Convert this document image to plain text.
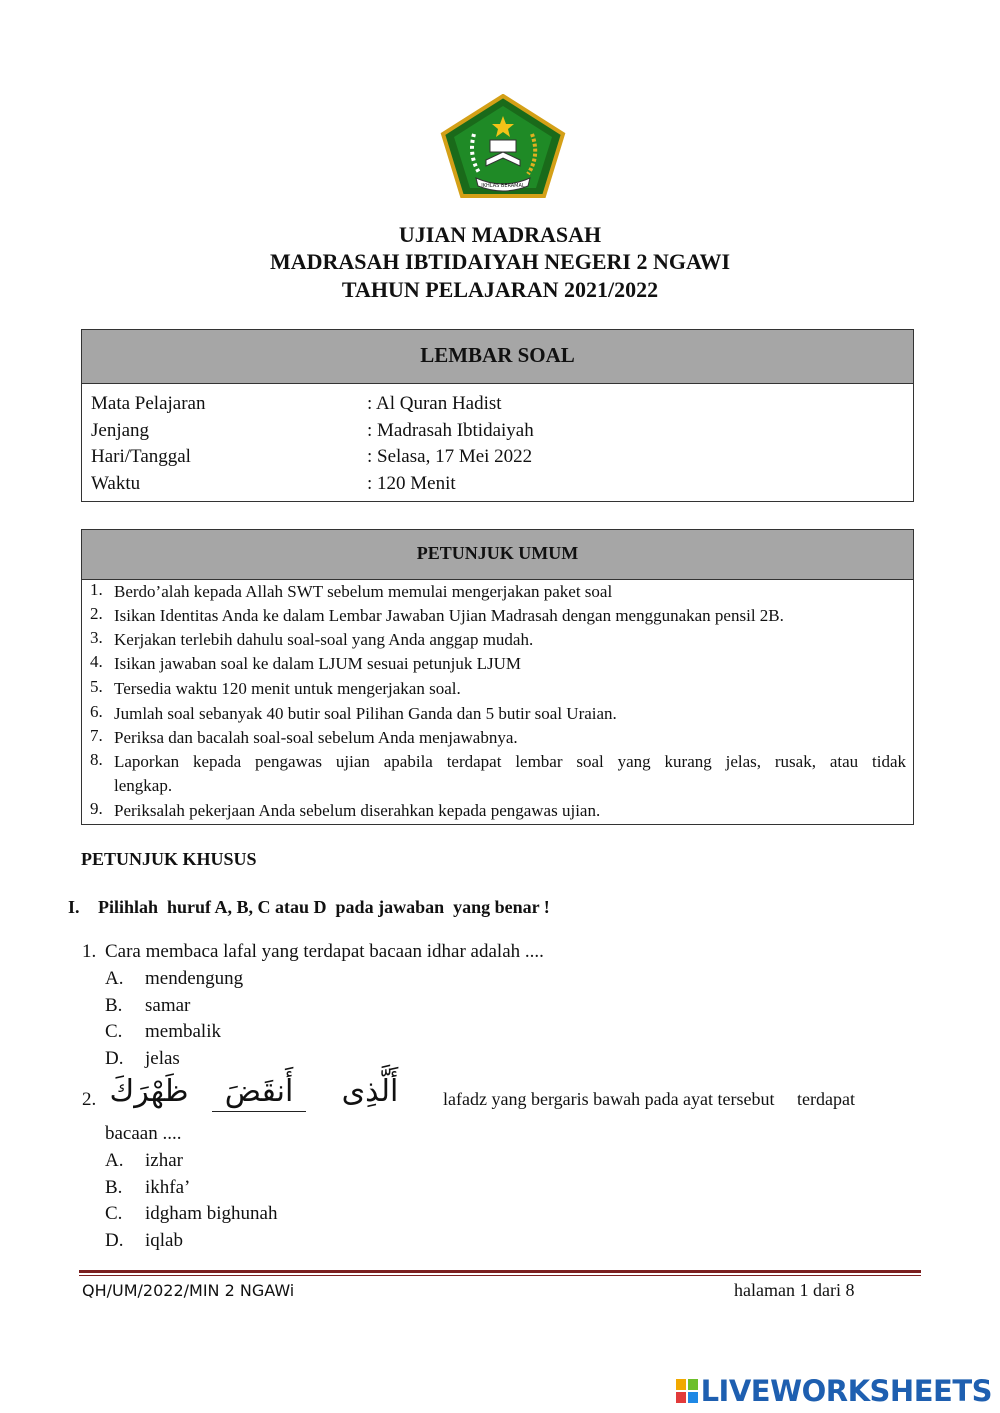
IKHLAS BERAMAL
UJIAN MADRASAH
MADRASAH IBTIDAIYAH NEGERI 2 NGAWI
TAHUN PELAJARAN 2021/2022
LEMBAR SOAL
Mata Pelajaran	: Al Quran Hadist
Jenjang	: Madrasah Ibtidaiyah
Hari/Tanggal	: Selasa, 17 Mei 2022
Waktu	: 120 Menit
PETUNJUK UMUM
1. Berdo’alah kepada Allah SWT sebelum memulai mengerjakan paket soal
2. Isikan Identitas Anda ke dalam Lembar Jawaban Ujian Madrasah dengan menggunakan pensil 2B.
3. Kerjakan terlebih dahulu soal-soal yang Anda anggap mudah.
4. Isikan jawaban soal ke dalam LJUM sesuai petunjuk LJUM
5. Tersedia waktu 120 menit untuk mengerjakan soal.
6. Jumlah soal sebanyak 40 butir soal Pilihan Ganda dan 5 butir soal Uraian.
7. Periksa dan bacalah soal-soal sebelum Anda menjawabnya.
8. Laporkan kepada pengawas ujian apabila terdapat lembar soal yang kurang jelas, rusak, atau tidak
lengkap.
9. Periksalah pekerjaan Anda sebelum diserahkan kepada pengawas ujian.
PETUNJUK KHUSUS
I. Pilihlah  huruf A, B, C atau D  pada jawaban  yang benar !
1. Cara membaca lafal yang terdapat bacaan idhar adalah ....
A. mendengung
B. samar
C. membalik
D. jelas
2. ظَهْرَكَ	أَنقَضَ	أَلَّذِى	lafadz yang bergaris bawah pada ayat tersebut     terdapat
bacaan ....
A. izhar
B. ikhfa’
C. idgham bighunah
D. iqlab
QH/UM/2022/MIN 2 NGAWi	halaman 1 dari 8
LIVEWORKSHEETS
